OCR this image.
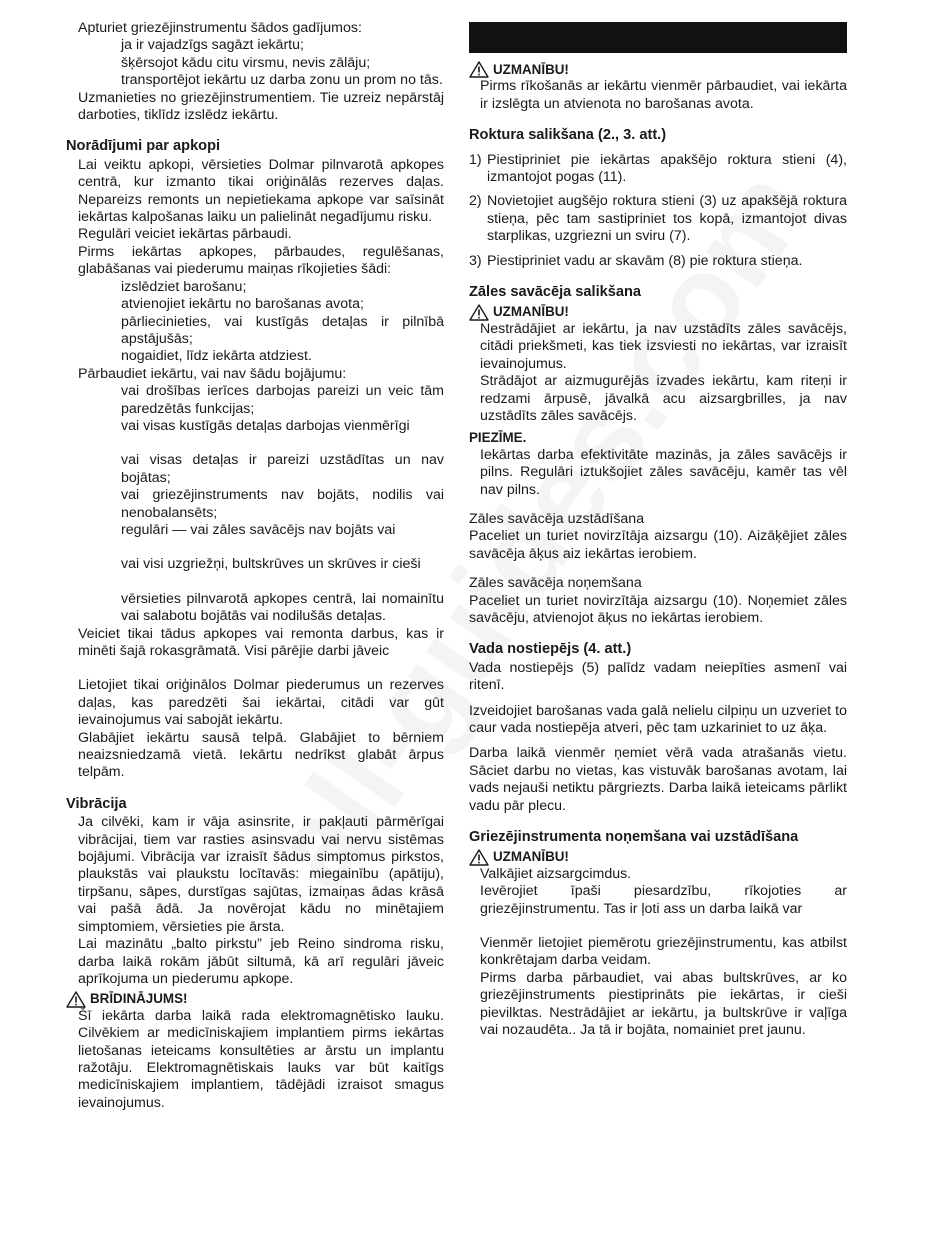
Apturiet griezējinstrumentu šādos gadījumos:

ja ir vajadzīgs sagāzt iekārtu;

šķērsojot kādu citu virsmu, nevis zālāju;

transportējot iekārtu uz darba zonu un prom no tās.

Uzmanieties no griezējinstrumentiem. Tie uzreiz nepārstāj darboties, tiklīdz izslēdz iekārtu.

Norādījumi par apkopi

Lai veiktu apkopi, vērsieties Dolmar pilnvarotā apkopes centrā, kur izmanto tikai oriģinālās rezerves daļas. Nepareizs remonts un nepietiekama apkope var saīsināt iekārtas kalpošanas laiku un palielināt negadījumu risku.

Regulāri veiciet iekārtas pārbaudi.

Pirms iekārtas apkopes, pārbaudes, regulēšanas, glabāšanas vai piederumu maiņas rīkojieties šādi:

izslēdziet barošanu;

atvienojiet iekārtu no barošanas avota;

pārliecinieties, vai kustīgās detaļas ir pilnībā apstājušās;

nogaidiet, līdz iekārta atdziest.

Pārbaudiet iekārtu, vai nav šādu bojājumu:

vai drošības ierīces darbojas pareizi un veic tām paredzētās funkcijas;

vai visas kustīgās detaļas darbojas vienmērīgi

vai visas detaļas ir pareizi uzstādītas un nav bojātas;

vai griezējinstruments nav bojāts, nodilis vai nenobalansēts;

regulāri — vai zāles savācējs nav bojāts vai

vai visi uzgriežņi, bultskrūves un skrūves ir cieši

vērsieties pilnvarotā apkopes centrā, lai nomainītu vai salabotu bojātās vai nodilušās detaļas.

Veiciet tikai tādus apkopes vai remonta darbus, kas ir minēti šajā rokasgrāmatā. Visi pārējie darbi jāveic

Lietojiet tikai oriģinālos Dolmar piederumus un rezerves daļas, kas paredzēti šai iekārtai, citādi var gūt ievainojumus vai sabojāt iekārtu.

Glabājiet iekārtu sausā telpā. Glabājiet to bērniem neaizsniedzamā vietā. Iekārtu nedrīkst glabāt ārpus telpām.

Vibrācija

Ja cilvēki, kam ir vāja asinsrite, ir pakļauti pārmērīgai vibrācijai, tiem var rasties asinsvadu vai nervu sistēmas bojājumi. Vibrācija var izraisīt šādus simptomus pirkstos, plaukstās vai plaukstu locītavās: miegainību (apātiju), tirpšanu, sāpes, durstīgas sajūtas, izmaiņas ādas krāsā vai pašā ādā. Ja novērojat kādu no minētajiem simptomiem, vērsieties pie ārsta.

Lai mazinātu „balto pirkstu” jeb Reino sindroma risku, darba laikā rokām jābūt siltumā, kā arī regulāri jāveic aprīkojuma un piederumu apkope.

BRĪDINĀJUMS!

Šī iekārta darba laikā rada elektromagnētisko lauku. Cilvēkiem ar medicīniskajiem implantiem pirms iekārtas lietošanas ieteicams konsultēties ar ārstu un implantu ražotāju. Elektromagnētiskais lauks var būt kaitīgs medicīniskajiem implantiem, tādējādi izraisot smagus ievainojumus.

UZMANĪBU!

Pirms rīkošanās ar iekārtu vienmēr pārbaudiet, vai iekārta ir izslēgta un atvienota no barošanas avota.

Roktura salikšana (2., 3. att.)
1) Piestipriniet pie iekārtas apakšējo roktura stieni (4), izmantojot pogas (11).
2) Novietojiet augšējo roktura stieni (3) uz apakšējā roktura stieņa, pēc tam sastipriniet tos kopā, izmantojot divas starplikas, uzgriezni un sviru (7).
3) Piestipriniet vadu ar skavām (8) pie roktura stieņa.
Zāles savācēja salikšana
UZMANĪBU!

Nestrādājiet ar iekārtu, ja nav uzstādīts zāles savācējs, citādi priekšmeti, kas tiek izsviesti no iekārtas, var izraisīt ievainojumus.

Strādājot ar aizmugurējās izvades iekārtu, kam riteņi ir redzami ārpusē, jāvalkā acu aizsargbrilles, ja nav uzstādīts zāles savācējs.

PIEZĪME.

Iekārtas darba efektivitāte mazinās, ja zāles savācējs ir pilns. Regulāri iztukšojiet zāles savācēju, kamēr tas vēl nav pilns.

Zāles savācēja uzstādīšana

Paceliet un turiet novirzītāja aizsargu (10). Aizāķējiet zāles savācēja āķus aiz iekārtas ierobiem.

Zāles savācēja noņemšana

Paceliet un turiet novirzītāja aizsargu (10). Noņemiet zāles savācēju, atvienojot āķus no iekārtas ierobiem.

Vada nostiepējs (4. att.)

Vada nostiepējs (5) palīdz vadam neiepīties asmenī vai ritenī.

Izveidojiet barošanas vada galā nelielu cilpiņu un uzveriet to caur vada nostiepēja atveri, pēc tam uzkariniet to uz āķa.

Darba laikā vienmēr ņemiet vērā vada atrašanās vietu. Sāciet darbu no vietas, kas vistuvāk barošanas avotam, lai vads nejauši netiktu pārgriezts. Darba laikā ieteicams pārlikt vadu pār plecu.

Griezējinstrumenta noņemšana vai uzstādīšana
UZMANĪBU!

Valkājiet aizsargcimdus.

Ievērojiet īpaši piesardzību, rīkojoties ar griezējinstrumentu. Tas ir ļoti ass un darba laikā var

Vienmēr lietojiet piemērotu griezējinstrumentu, kas atbilst konkrētajam darba veidam.

Pirms darba pārbaudiet, vai abas bultskrūves, ar ko griezējinstruments piestiprināts pie iekārtas, ir cieši pievilktas. Nestrādājiet ar iekārtu, ja bultskrūve ir vaļīga vai nozaudēta.. Ja tā ir bojāta, nomainiet pret jaunu.
